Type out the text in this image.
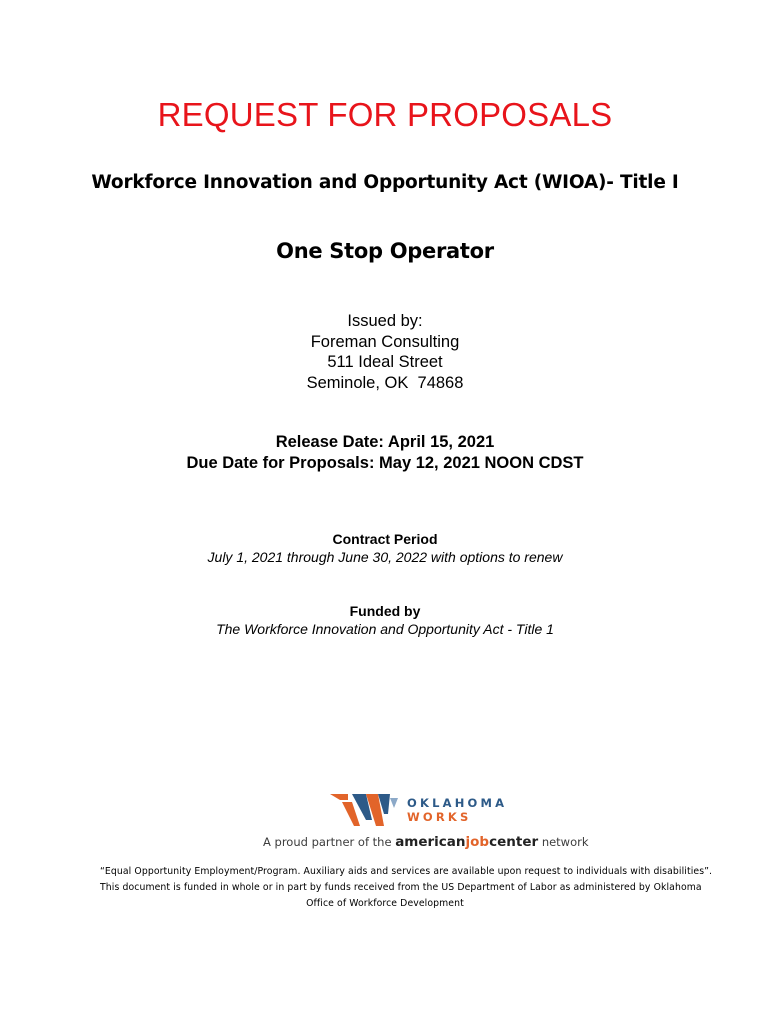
REQUEST FOR PROPOSALS
Workforce Innovation and Opportunity Act (WIOA)- Title I
One Stop Operator
Issued by:
Foreman Consulting
511 Ideal Street
Seminole, OK  74868
Release Date: April 15, 2021
Due Date for Proposals: May 12, 2021 NOON CDST
Contract Period
July 1, 2021 through June 30, 2022 with options to renew
Funded by
The Workforce Innovation and Opportunity Act - Title 1
OKLAHOMA
WORKS
A proud partner of the americanjobcenter network
“Equal Opportunity Employment/Program. Auxiliary aids and services are available upon request to individuals with disabilities”.
This document is funded in whole or in part by funds received from the US Department of Labor as administered by Oklahoma
Office of Workforce Development
